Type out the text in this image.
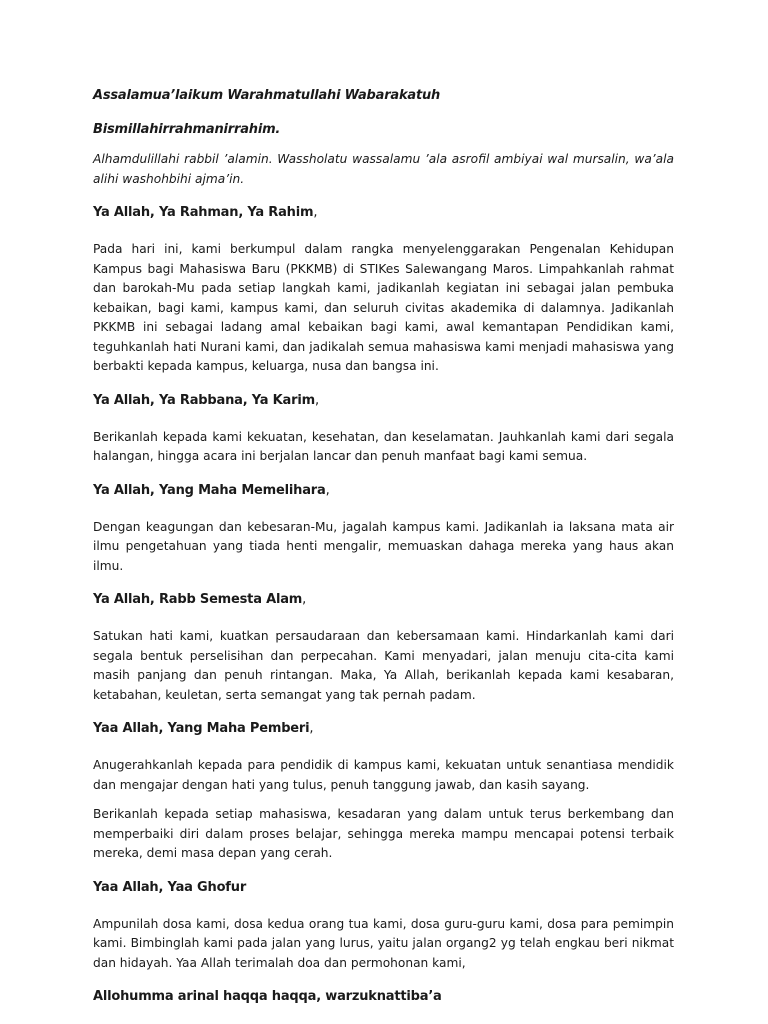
Assalamua’laikum Warahmatullahi Wabarakatuh

Bismillahirrahmanirrahim.

Alhamdulillahi rabbil ’alamin. Wassholatu wassalamu ’ala asrofil ambiyai wal mursalin, wa’ala alihi washohbihi ajma’in.

Ya Allah, Ya Rahman, Ya Rahim,

Pada hari ini, kami berkumpul dalam rangka menyelenggarakan Pengenalan Kehidupan Kampus bagi Mahasiswa Baru (PKKMB) di STIKes Salewangang Maros. Limpahkanlah rahmat dan barokah-Mu pada setiap langkah kami, jadikanlah kegiatan ini sebagai jalan pembuka kebaikan, bagi kami, kampus kami, dan seluruh civitas akademika di dalamnya. Jadikanlah PKKMB ini sebagai ladang amal kebaikan bagi kami, awal kemantapan Pendidikan kami, teguhkanlah hati Nurani kami, dan jadikalah semua mahasiswa kami menjadi mahasiswa yang berbakti kepada kampus, keluarga, nusa dan bangsa ini.

Ya Allah, Ya Rabbana, Ya Karim,

Berikanlah kepada kami kekuatan, kesehatan, dan keselamatan. Jauhkanlah kami dari segala halangan, hingga acara ini berjalan lancar dan penuh manfaat bagi kami semua.

Ya Allah, Yang Maha Memelihara,

Dengan keagungan dan kebesaran-Mu, jagalah kampus kami. Jadikanlah ia laksana mata air ilmu pengetahuan yang tiada henti mengalir, memuaskan dahaga mereka yang haus akan ilmu.

Ya Allah, Rabb Semesta Alam,

Satukan hati kami, kuatkan persaudaraan dan kebersamaan kami. Hindarkanlah kami dari segala bentuk perselisihan dan perpecahan. Kami menyadari, jalan menuju cita-cita kami masih panjang dan penuh rintangan. Maka, Ya Allah, berikanlah kepada kami kesabaran, ketabahan, keuletan, serta semangat yang tak pernah padam.

Yaa Allah, Yang Maha Pemberi,

Anugerahkanlah kepada para pendidik di kampus kami, kekuatan untuk senantiasa mendidik dan mengajar dengan hati yang tulus, penuh tanggung jawab, dan kasih sayang.

Berikanlah kepada setiap mahasiswa, kesadaran yang dalam untuk terus berkembang dan memperbaiki diri dalam proses belajar, sehingga mereka mampu mencapai potensi terbaik mereka, demi masa depan yang cerah.

Yaa Allah, Yaa Ghofur

Ampunilah dosa kami, dosa kedua orang tua kami, dosa guru-guru kami, dosa para pemimpin kami. Bimbinglah kami pada jalan yang lurus, yaitu jalan organg2 yg telah engkau beri nikmat dan hidayah. Yaa Allah terimalah doa dan permohonan kami,

Allohumma arinal haqqa haqqa, warzuknattiba’a
